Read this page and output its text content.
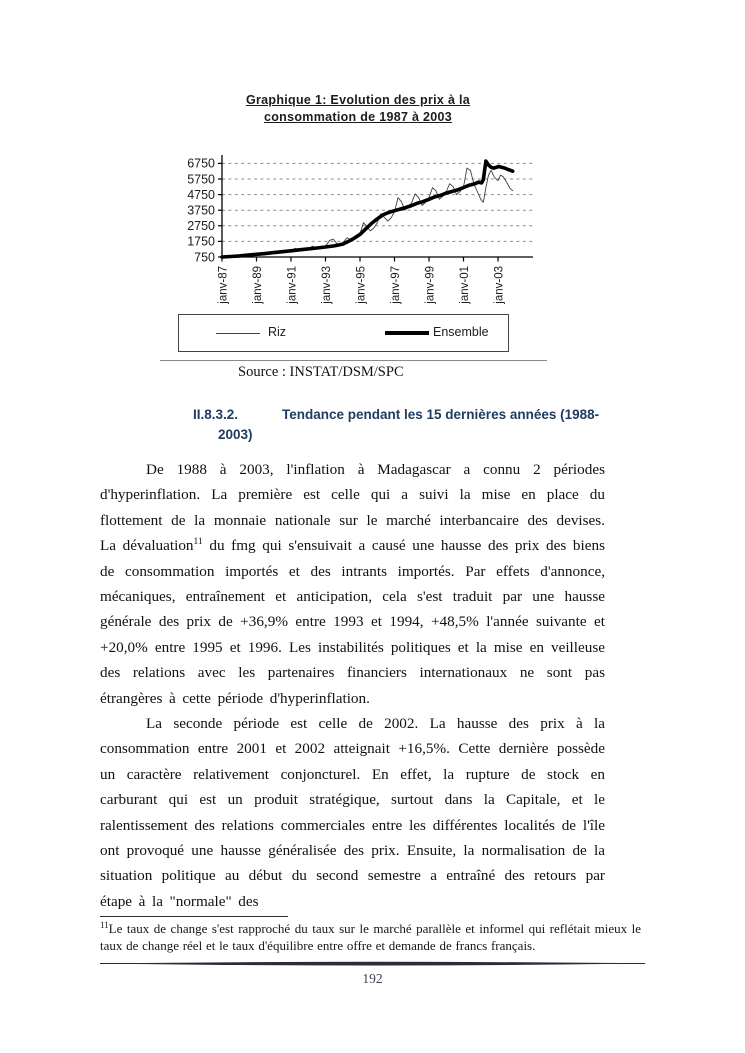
Graphique 1: Evolution des prix à la
consommation de 1987 à 2003
750
1750
2750
3750
4750
5750
6750
janv-87 janv-89 janv-91 janv-93 janv-95 janv-97 janv-99 janv-01 janv-03
Riz	Ensemble
Source : INSTAT/DSM/SPC
II.8.3.2.	Tendance pendant les 15 dernières années (1988-2003)
De 1988 à 2003, l'inflation à Madagascar a connu 2 périodes d'hyperinflation. La première est celle qui a suivi la mise en place du flottement de la monnaie nationale sur le marché interbancaire des devises. La dévaluation$^{11}$ du fmg qui s'ensuivait a causé une hausse des prix des biens de consommation importés et des intrants importés. Par effets d'annonce, mécaniques, entraînement et anticipation, cela s'est traduit par une hausse générale des prix de +36,9% entre 1993 et 1994, +48,5% l'année suivante et +20,0% entre 1995 et 1996. Les instabilités politiques et la mise en veilleuse des relations avec les partenaires financiers internationaux ne sont pas étrangères à cette période d'hyperinflation.
La seconde période est celle de 2002. La hausse des prix à la consommation entre 2001 et 2002 atteignait +16,5%. Cette dernière possède un caractère relativement conjoncturel. En effet, la rupture de stock en carburant qui est un produit stratégique, surtout dans la Capitale, et le ralentissement des relations commerciales entre les différentes localités de l'île ont provoqué une hausse généralisée des prix. Ensuite, la normalisation de la situation politique au début du second semestre a entraîné des retours par étape à la "normale" des
$^{11}$Le taux de change s'est rapproché du taux sur le marché parallèle et informel qui reflétait mieux le taux de change réel et le taux d'équilibre entre offre et demande de francs français.
192
